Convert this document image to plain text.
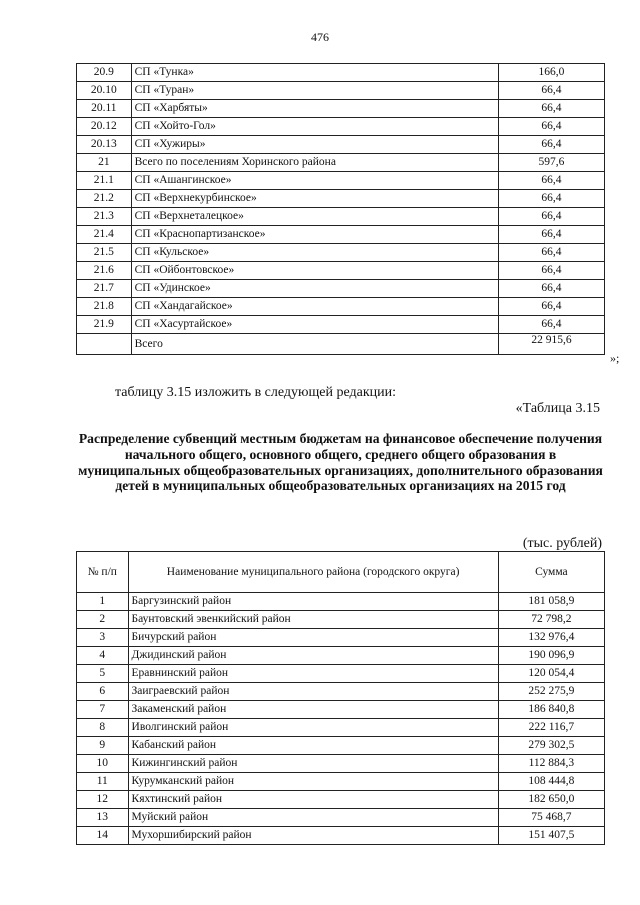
476
20.9	СП «Тунка»	166,0
20.10	СП «Туран»	66,4
20.11	СП «Харбяты»	66,4
20.12	СП «Хойто-Гол»	66,4
20.13	СП «Хужиры»	66,4
21	Всего по поселениям Хоринского района	597,6
21.1	СП «Ашангинское»	66,4
21.2	СП «Верхнекурбинское»	66,4
21.3	СП «Верхнеталецкое»	66,4
21.4	СП «Краснопартизанское»	66,4
21.5	СП «Кульское»	66,4
21.6	СП «Ойбонтовское»	66,4
21.7	СП «Удинское»	66,4
21.8	СП «Хандагайское»	66,4
21.9	СП «Хасуртайское»	66,4
	Всего	22 915,6
»;
таблицу 3.15 изложить в следующей редакции:
«Таблица 3.15
Распределение субвенций местным бюджетам на финансовое обеспечение получения начального общего, основного общего, среднего общего образования в муниципальных общеобразовательных организациях, дополнительного образования детей в муниципальных общеобразовательных организациях на 2015 год
(тыс. рублей)
№ п/п	Наименование муниципального района (городского округа)	Сумма
1	Баргузинский район	181 058,9
2	Баунтовский эвенкийский район	72 798,2
3	Бичурский район	132 976,4
4	Джидинский район	190 096,9
5	Еравнинский район	120 054,4
6	Заиграевский район	252 275,9
7	Закаменский район	186 840,8
8	Иволгинский район	222 116,7
9	Кабанский район	279 302,5
10	Кижингинский район	112 884,3
11	Курумканский район	108 444,8
12	Кяхтинский район	182 650,0
13	Муйский район	75 468,7
14	Мухоршибирский район	151 407,5
